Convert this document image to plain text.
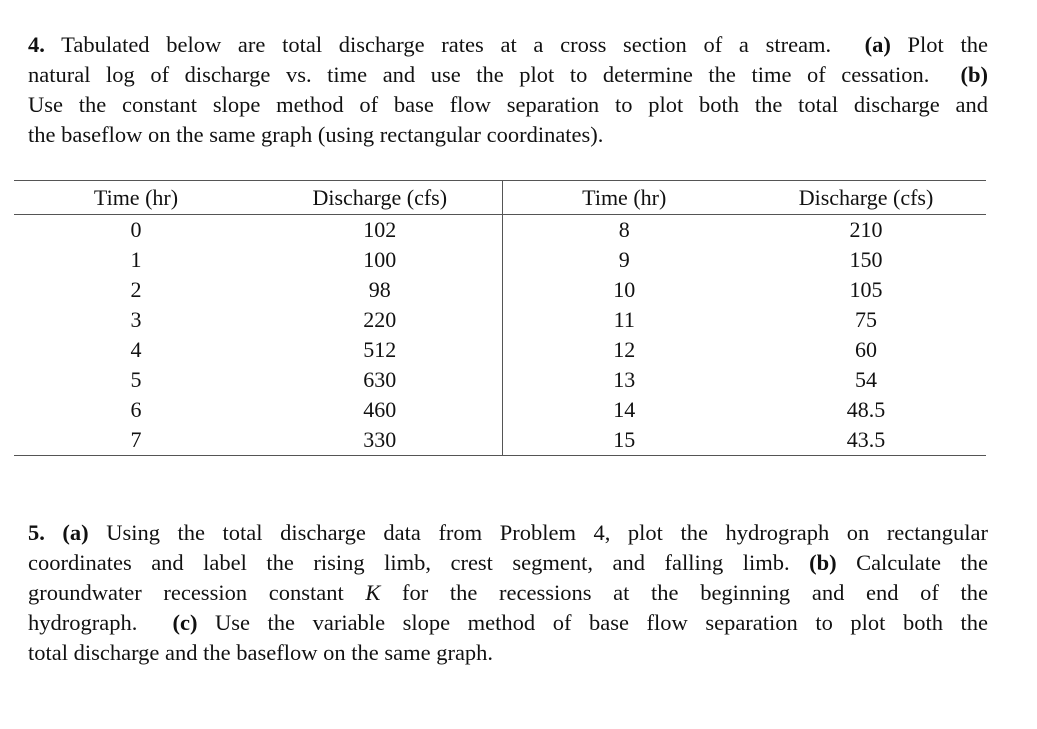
4. Tabulated below are total discharge rates at a cross section of a stream.  (a) Plot the
natural log of discharge vs. time and use the plot to determine the time of cessation.  (b)
Use the constant slope method of base flow separation to plot both the total discharge and
the baseflow on the same graph (using rectangular coordinates).
Time (hr)	Discharge (cfs)	Time (hr)	Discharge (cfs)
0	102	8	210
1	100	9	150
2	98	10	105
3	220	11	75
4	512	12	60
5	630	13	54
6	460	14	48.5
7	330	15	43.5
5. (a) Using the total discharge data from Problem 4, plot the hydrograph on rectangular
coordinates and label the rising limb, crest segment, and falling limb. (b) Calculate the
groundwater recession constant K for the recessions at the beginning and end of the
hydrograph.  (c) Use the variable slope method of base flow separation to plot both the
total discharge and the baseflow on the same graph.
